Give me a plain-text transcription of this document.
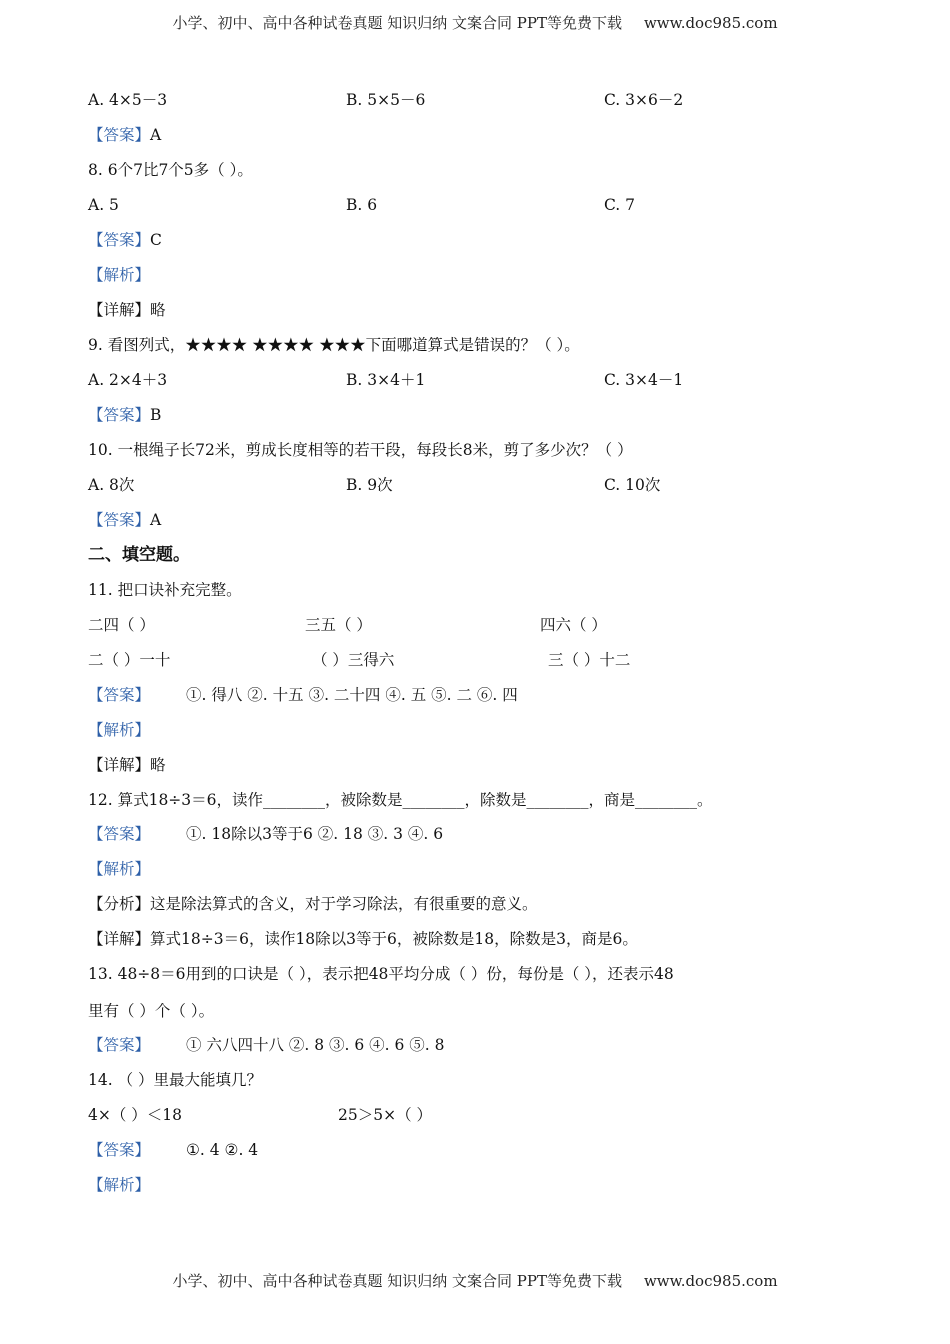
小学、初中、高中各种试卷真题 知识归纳 文案合同 PPT等免费下载 www.doc985.com
A. 4×5－3	B. 5×5－6	C. 3×6－2
【答案】A
8. 6个7比7个5多（ ）。
A. 5	B. 6	C. 7
【答案】C
【解析】
【详解】略
9. 看图列式，★★★★ ★★★★ ★★★下面哪道算式是错误的？（ ）。
A. 2×4＋3	B. 3×4＋1	C. 3×4－1
【答案】B
10. 一根绳子长72米，剪成长度相等的若干段，每段长8米，剪了多少次？（ ）
A. 8次	B. 9次	C. 10次
【答案】A
二、填空题。
11. 把口诀补充完整。
二四（ ）	三五（ ）	四六（ ）
二（ ）一十	（ ）三得六	三（ ）十二
【答案】 ①. 得八 ②. 十五 ③. 二十四 ④. 五 ⑤. 二 ⑥. 四
【解析】
【详解】略
12. 算式18÷3＝6，读作________，被除数是________，除数是________，商是________。
【答案】 ①. 18除以3等于6 ②. 18 ③. 3 ④. 6
【解析】
【分析】这是除法算式的含义，对于学习除法，有很重要的意义。
【详解】算式18÷3＝6，读作18除以3等于6，被除数是18，除数是3，商是6。
13. 48÷8＝6用到的口诀是（ ），表示把48平均分成（ ）份，每份是（ ），还表示48
里有（ ）个（ ）。
【答案】 ① 六八四十八 ②. 8 ③. 6 ④. 6 ⑤. 8
14. （ ）里最大能填几？
4×（ ）＜18	25＞5×（ ）
【答案】 ①. 4 ②. 4
【解析】
小学、初中、高中各种试卷真题 知识归纳 文案合同 PPT等免费下载 www.doc985.com
